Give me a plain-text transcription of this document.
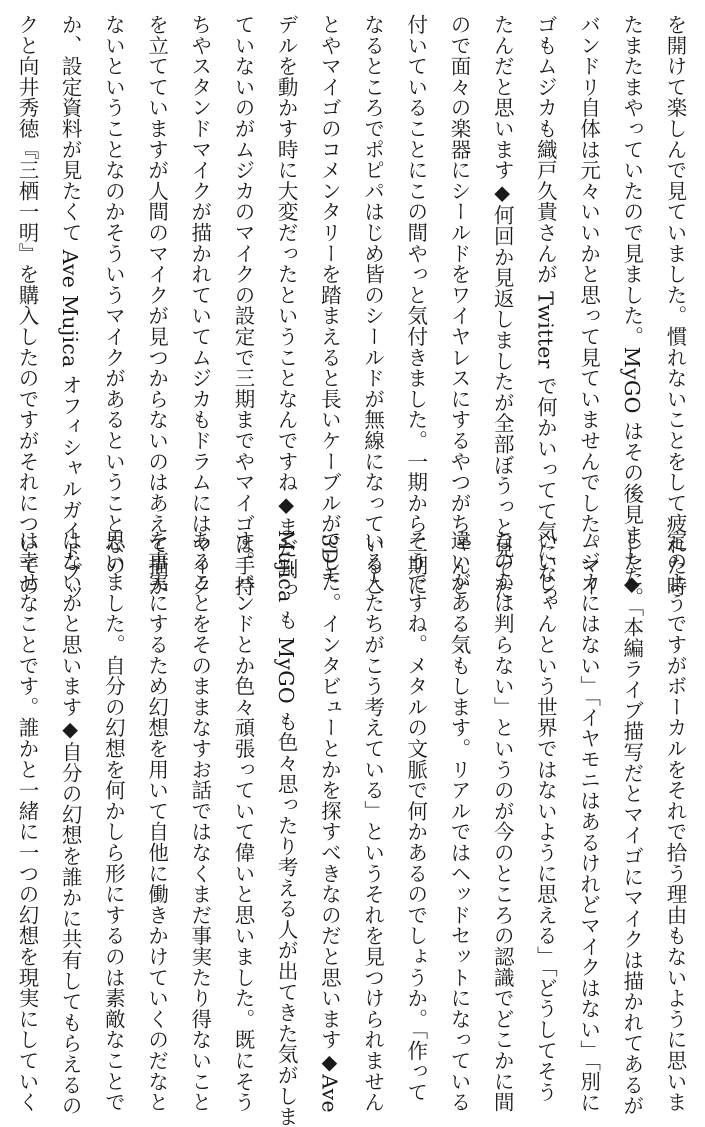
を開けて楽しんで見ていました。慣れないことをして疲れた時
たまたまやっていたので見ました。MyGO はその後見ました。
バンドリ自体は元々いいかと思って見ていませんでした。マイ
ゴもムジカも織戸久貴さんが Twitter で何かいってて気になっ
たんだと思います◆何回か見返しましたが全部ぼうっと見てた
ので面々の楽器にシールドをワイヤレスにするやつがちゃんと
付いていることにこの間やっと気付きました。一期から二期に
なるところでポピパはじめ皆のシールドが無線になっているこ
とやマイゴのコメンタリーを踏まえると長いケーブルが3Dモ
デルを動かす時に大変だったということなんですね◆まだ判っ
ていないのがムジカのマイクの設定で三期までやマイゴは手持
ちやスタンドマイクが描かれていてムジカもドラムにはマイク
を立てていますが人間のマイクが見つからないのはあえて描か
ないということなのかそういうマイクがあるということなの
か、設定資料が見たくて Ave Mujica オフィシャルガイドブッ
クと向井秀徳『三栖一明』を購入したのですがそれについての
定のようですがボーカルをそれで拾う理由もないように思いま
した◆「本編ライブ描写だとマイゴにマイクは描かれてあるが
ムジカにはない」「イヤモニはあるけれどマイクはない」「別に
いいじゃんという世界ではないように思える」「どうしてそう
なのかは判らない」というのが今のところの認識でどこかに間
違いがある気もします。リアルではヘッドセットになっている
そうですね。メタルの文脈で何かあるのでしょうか。「作って
いる人たちがこう考えている」というそれを見つけられません
でした。インタビューとかを探すべきなのだと思います◆Ave
Mujica も MyGO も色々思ったり考える人が出てきた気がしま
す。バンドとか色々頑張っていて偉いと思いました。既にそう
あることをそのままなすお話ではなくまだ事実たり得ないこと
を事実にするため幻想を用いて自他に働きかけていくのだなと
思いました。自分の幻想を何かしら形にするのは素敵なことで
はないかと思います◆自分の幻想を誰かに共有してもらえるの
は幸せなことです。誰かと一緒に一つの幻想を現実にしていく
